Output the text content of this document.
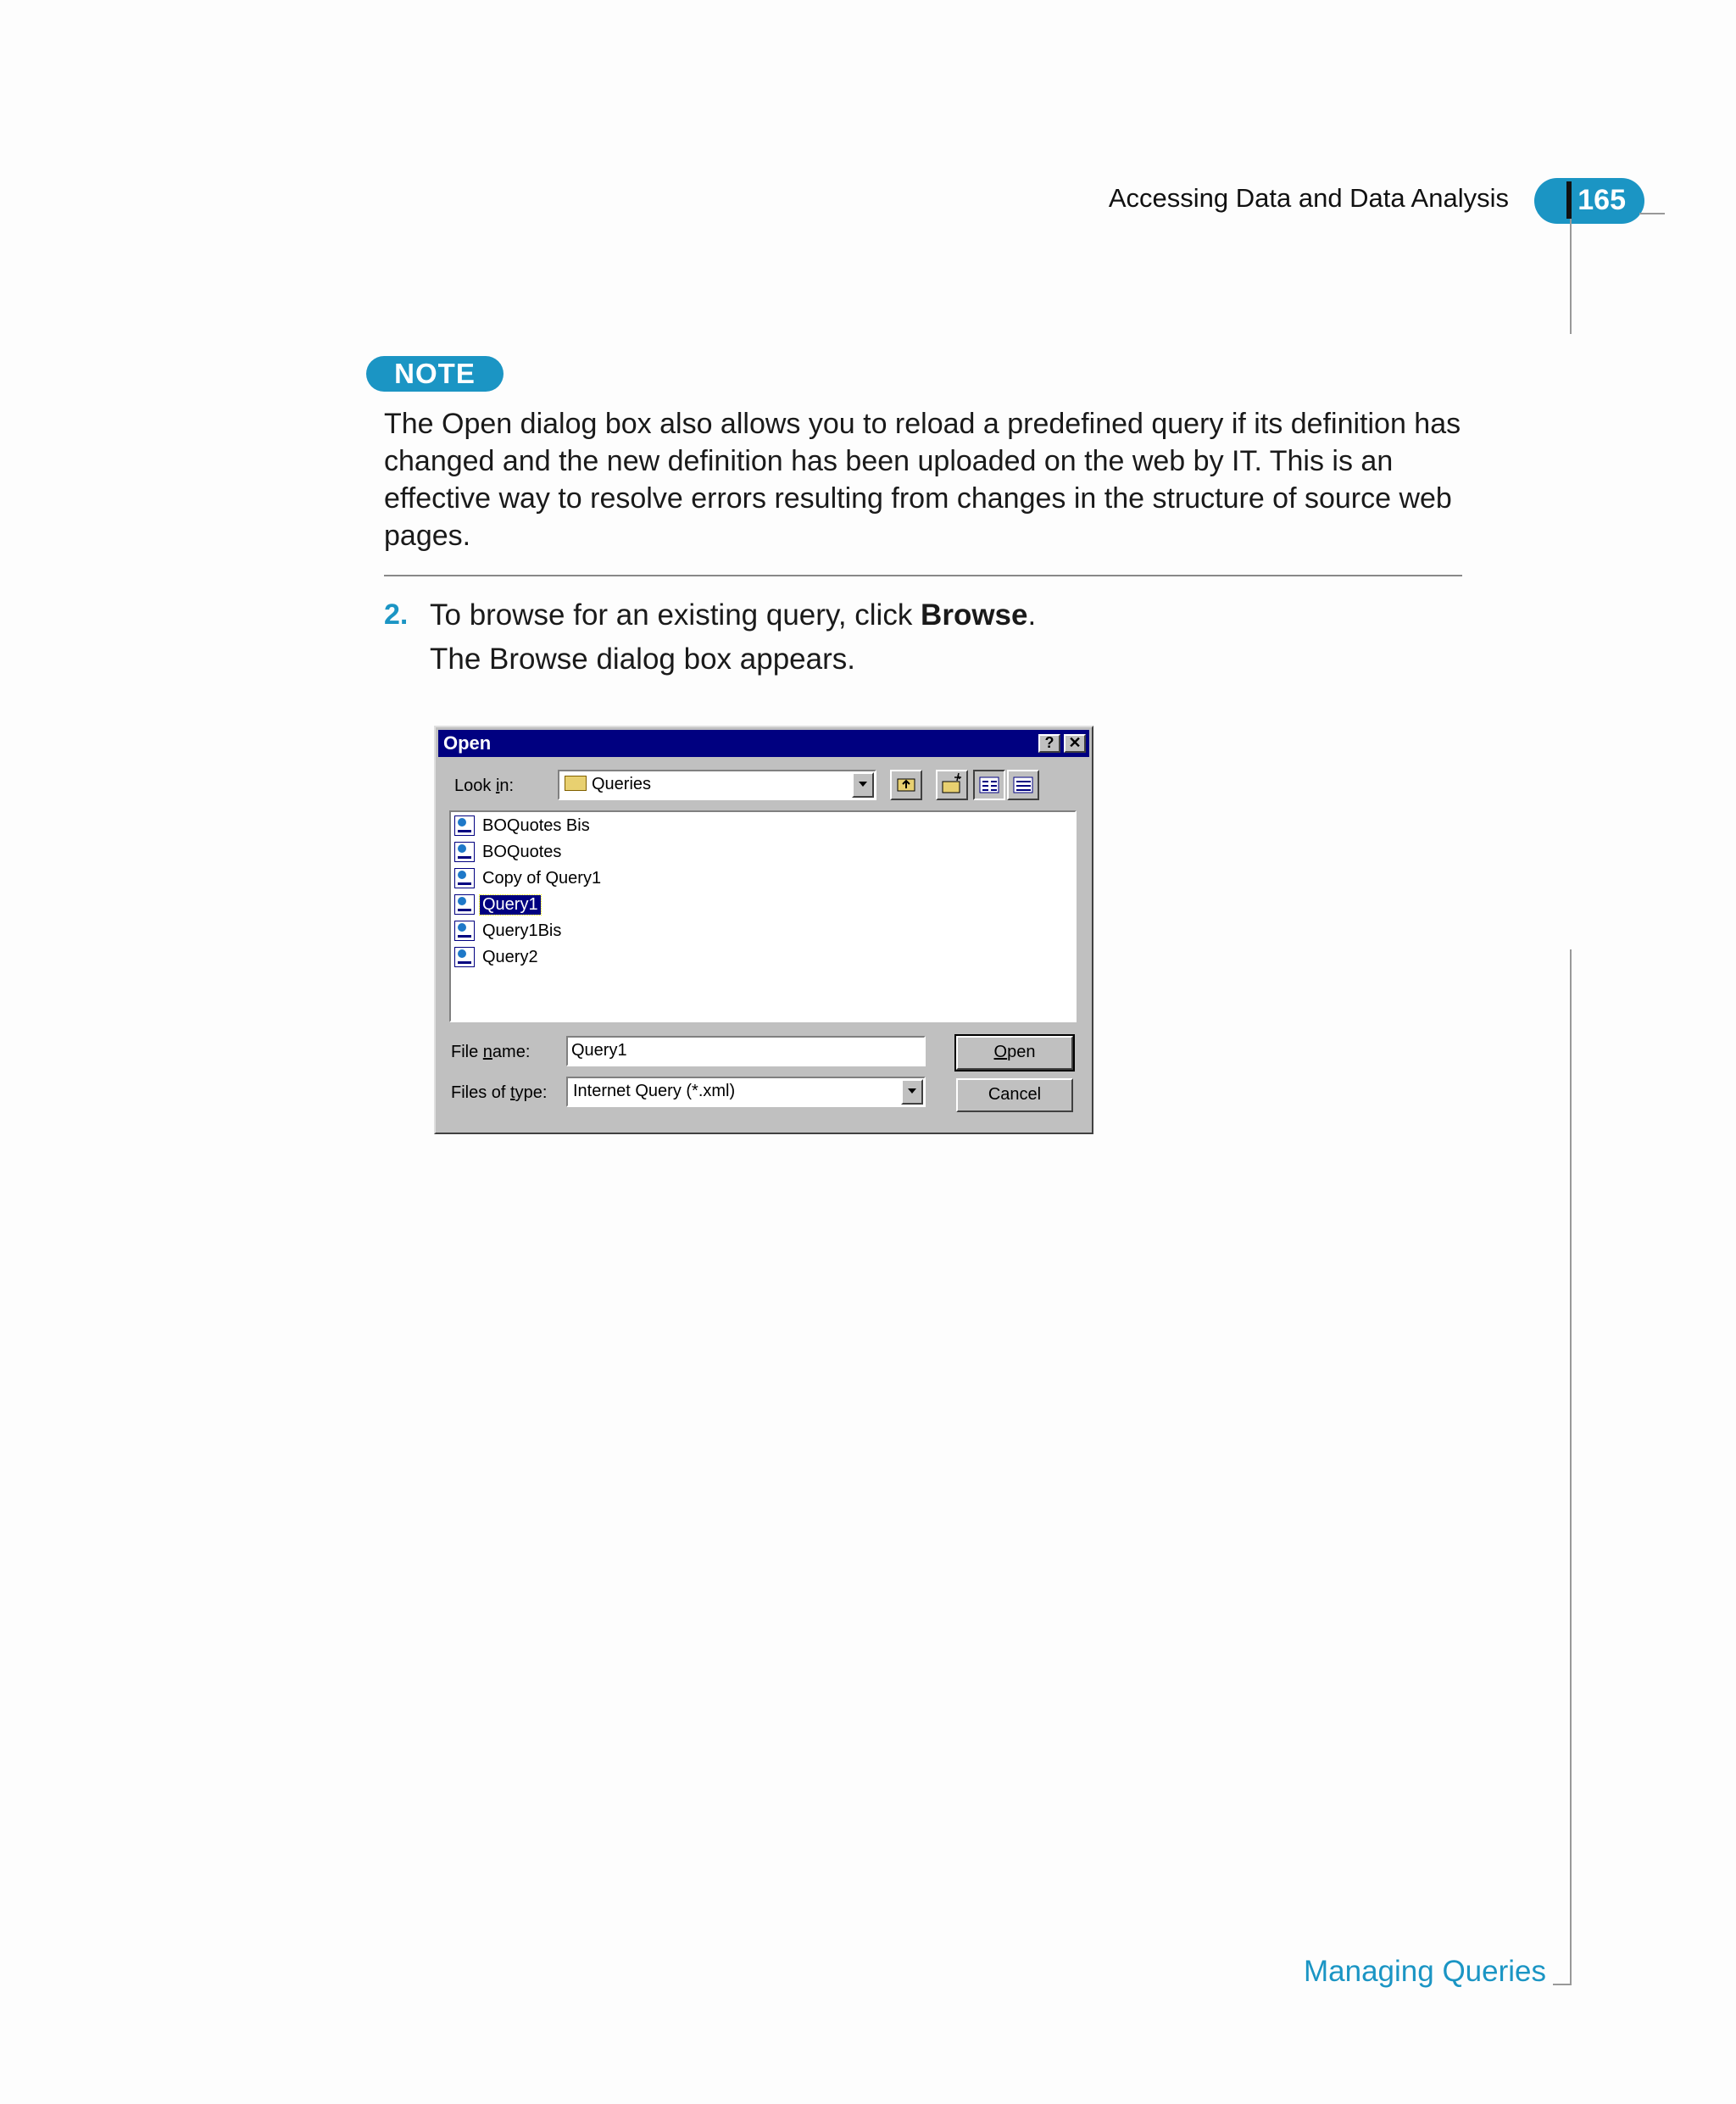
Accessing Data and Data Analysis	165
NOTE
The Open dialog box also allows you to reload a predefined query if its definition has changed and the new definition has been uploaded on the web by IT. This is an effective way to resolve errors resulting from changes in the structure of source web pages.
2. To browse for an existing query, click Browse.
The Browse dialog box appears.
Open	? ✕
Look in:	Queries
BOQuotes Bis
BOQuotes
Copy of Query1
Query1
Query1Bis
Query2
File name:	Query1
Files of type:	Internet Query (*.xml)
Open
Cancel
Managing Queries
